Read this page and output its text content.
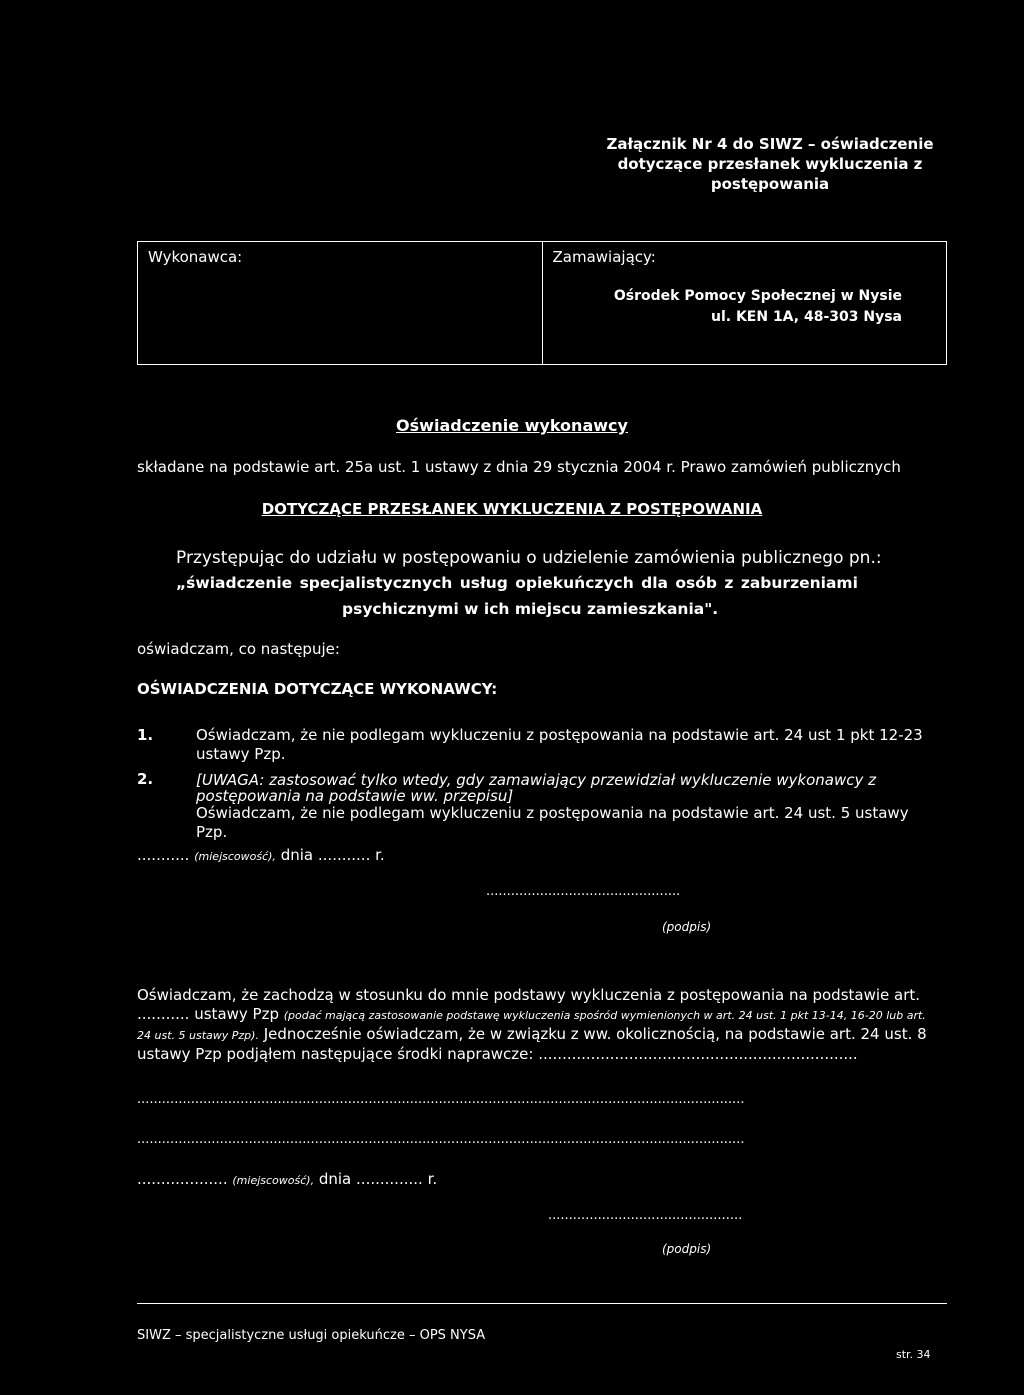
Załącznik Nr 4 do SIWZ – oświadczenie
dotyczące przesłanek wykluczenia z
postępowania
Wykonawca:	Zamawiający:
Ośrodek Pomocy Społecznej w Nysie
ul. KEN 1A, 48-303 Nysa
Oświadczenie wykonawcy
składane na podstawie art. 25a ust. 1 ustawy z dnia 29 stycznia 2004 r. Prawo zamówień publicznych
DOTYCZĄCE PRZESŁANEK WYKLUCZENIA Z POSTĘPOWANIA
Przystępując do udziału w postępowaniu o udzielenie zamówienia publicznego pn.:
„świadczenie specjalistycznych usług opiekuńczych dla osób z zaburzeniami
psychicznymi w ich miejscu zamieszkania".
oświadczam, co następuje:
OŚWIADCZENIA DOTYCZĄCE WYKONAWCY:
1.	Oświadczam, że nie podlegam wykluczeniu z postępowania na podstawie art. 24 ust 1 pkt 12-23 ustawy Pzp.
2.	[UWAGA: zastosować tylko wtedy, gdy zamawiający przewidział wykluczenie wykonawcy z postępowania na podstawie ww. przepisu]
Oświadczam, że nie podlegam wykluczeniu z postępowania na podstawie art. 24 ust. 5 ustawy Pzp.
........... (miejscowość), dnia ........... r.
...............................................
(podpis)
Oświadczam, że zachodzą w stosunku do mnie podstawy wykluczenia z postępowania na podstawie art.
........... ustawy Pzp (podać mającą zastosowanie podstawę wykluczenia spośród wymienionych w art. 24 ust. 1 pkt 13-14, 16-20 lub art. 24 ust. 5 ustawy Pzp). Jednocześnie oświadczam, że w związku z ww. okolicznością, na podstawie art. 24 ust. 8 ustawy Pzp podjąłem następujące środki naprawcze: ...................................................................
...................................................................................................................................................
...................................................................................................................................................
................... (miejscowość), dnia .............. r.
...............................................
(podpis)
SIWZ – specjalistyczne usługi opiekuńcze – OPS NYSA
str. 34
